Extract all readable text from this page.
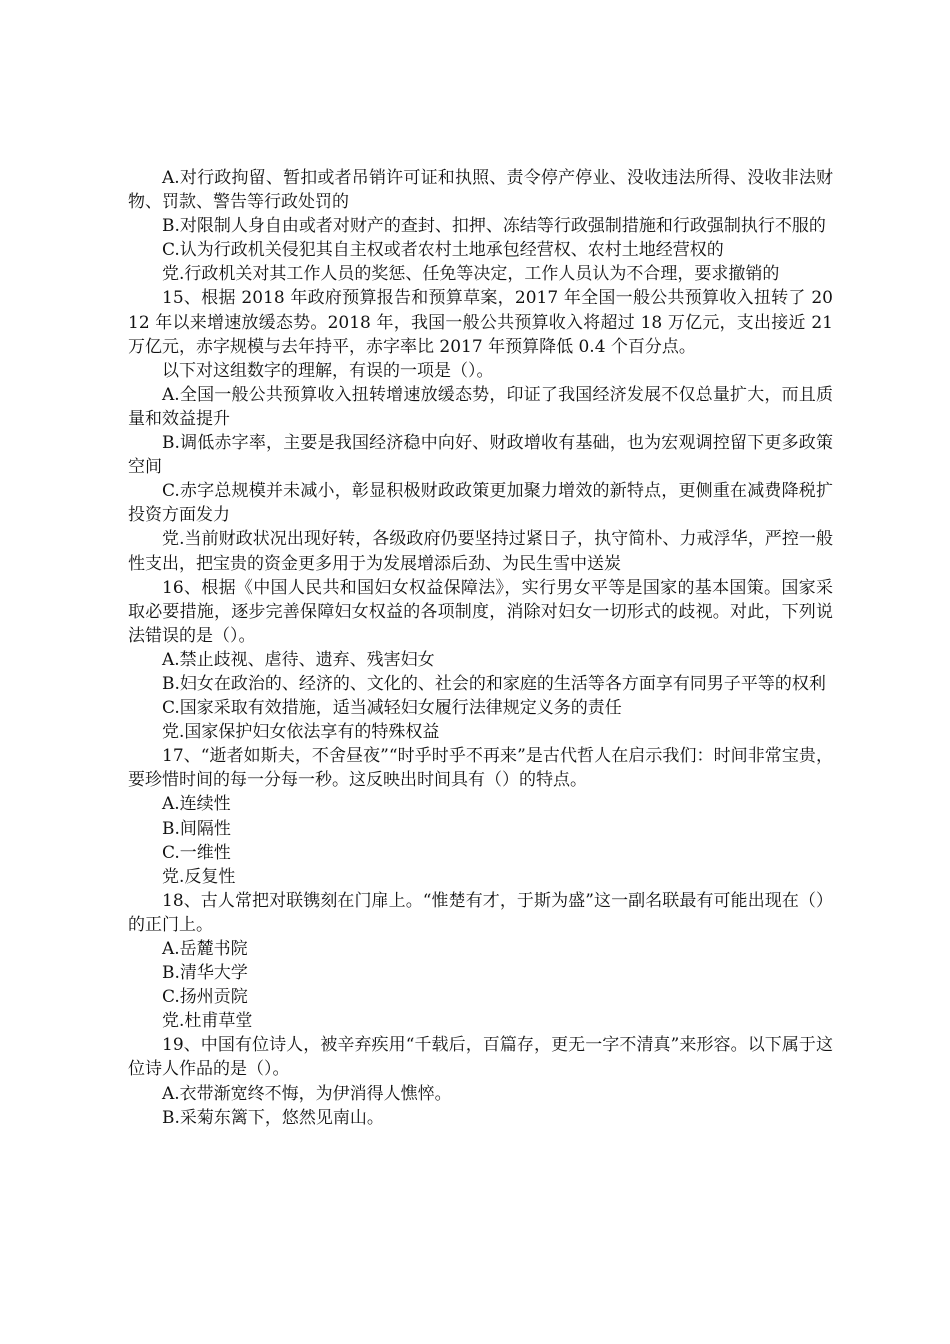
A.对行政拘留、暂扣或者吊销许可证和执照、责令停产停业、没收违法所得、没收非法财物、罚款、警告等行政处罚的

B.对限制人身自由或者对财产的查封、扣押、冻结等行政强制措施和行政强制执行不服的

C.认为行政机关侵犯其自主权或者农村土地承包经营权、农村土地经营权的

党.行政机关对其工作人员的奖惩、任免等决定，工作人员认为不合理，要求撤销的

15、根据 2018 年政府预算报告和预算草案，2017 年全国一般公共预算收入扭转了 2012 年以来增速放缓态势。2018 年，我国一般公共预算收入将超过 18 万亿元，支出接近 21 万亿元，赤字规模与去年持平，赤字率比 2017 年预算降低 0.4 个百分点。

以下对这组数字的理解，有误的一项是（）。

A.全国一般公共预算收入扭转增速放缓态势，印证了我国经济发展不仅总量扩大，而且质量和效益提升

B.调低赤字率，主要是我国经济稳中向好、财政增收有基础，也为宏观调控留下更多政策空间

C.赤字总规模并未减小，彰显积极财政政策更加聚力增效的新特点，更侧重在减费降税扩投资方面发力

党.当前财政状况出现好转，各级政府仍要坚持过紧日子，执守简朴、力戒浮华，严控一般性支出，把宝贵的资金更多用于为发展增添后劲、为民生雪中送炭

16、根据《中国人民共和国妇女权益保障法》，实行男女平等是国家的基本国策。国家采取必要措施，逐步完善保障妇女权益的各项制度，消除对妇女一切形式的歧视。对此，下列说法错误的是（）。

A.禁止歧视、虐待、遗弃、残害妇女

B.妇女在政治的、经济的、文化的、社会的和家庭的生活等各方面享有同男子平等的权利

C.国家采取有效措施，适当减轻妇女履行法律规定义务的责任

党.国家保护妇女依法享有的特殊权益

17、“逝者如斯夫，不舍昼夜”“时乎时乎不再来”是古代哲人在启示我们：时间非常宝贵，要珍惜时间的每一分每一秒。这反映出时间具有（）的特点。

A.连续性

B.间隔性

C.一维性

党.反复性

18、古人常把对联镌刻在门扉上。“惟楚有才，于斯为盛”这一副名联最有可能出现在（）的正门上。

A.岳麓书院

B.清华大学

C.扬州贡院

党.杜甫草堂

19、中国有位诗人，被辛弃疾用“千载后，百篇存，更无一字不清真”来形容。以下属于这位诗人作品的是（）。

A.衣带渐宽终不悔，为伊消得人憔悴。

B.采菊东篱下，悠然见南山。
